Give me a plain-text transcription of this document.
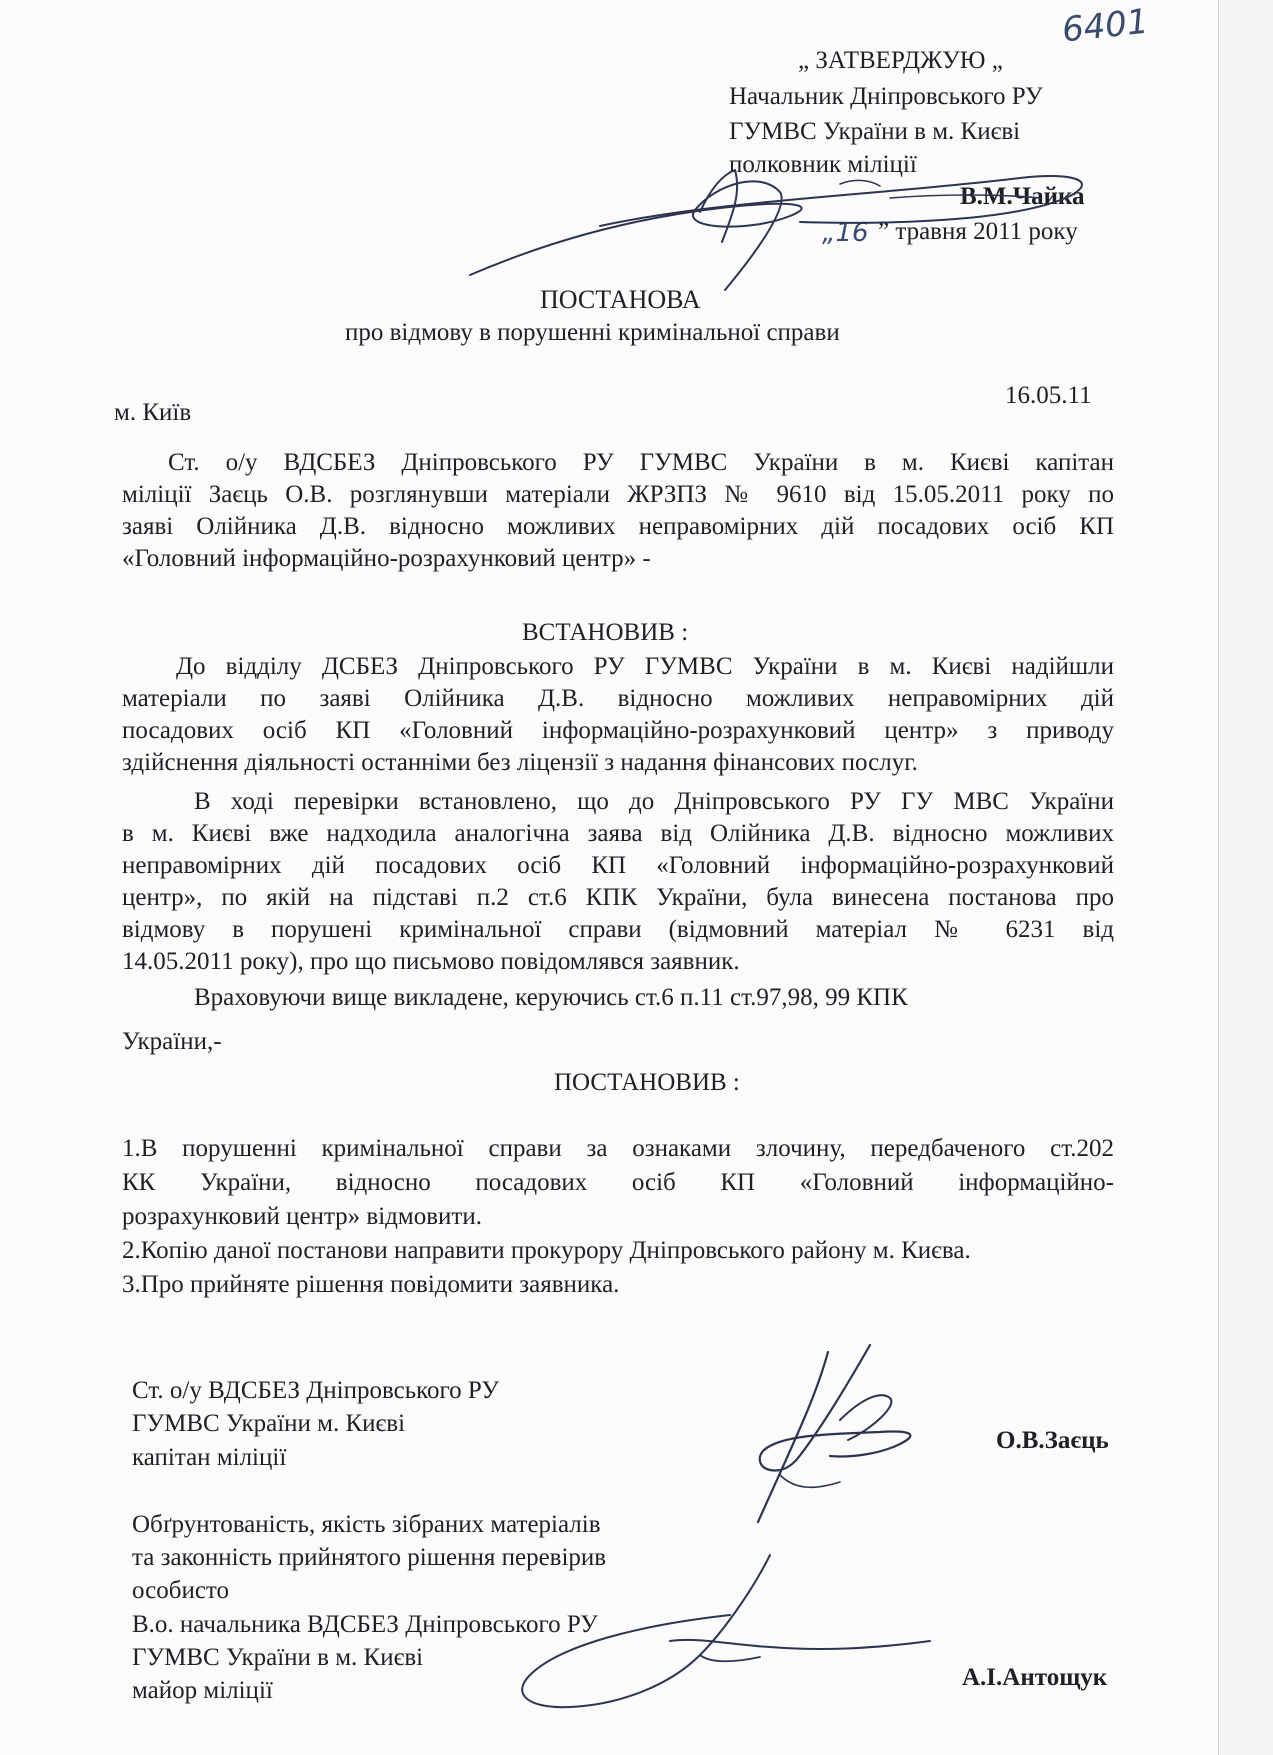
6401
„ ЗАТВЕРДЖУЮ „
Начальник Дніпровського РУ
ГУМВС України в м. Києві
полковник міліції
В.М.Чайка
„16 ” травня 2011 року
ПОСТАНОВА
про відмову в порушенні кримінальної справи
м. Київ
16.05.11
Ст. о/у ВДСБЕЗ Дніпровського РУ ГУМВС України в м. Києві капітан
міліції Заєць О.В. розглянувши матеріали ЖРЗПЗ № 9610 від 15.05.2011 року по
заяві Олійника Д.В. відносно можливих неправомірних дій посадових осіб КП
«Головний інформаційно-розрахунковий центр» -
ВСТАНОВИВ :
До відділу ДСБЕЗ Дніпровського РУ ГУМВС України в м. Києві надійшли
матеріали по заяві Олійника Д.В. відносно можливих неправомірних дій
посадових осіб КП «Головний інформаційно-розрахунковий центр» з приводу
здійснення діяльності останніми без ліцензії з надання фінансових послуг.
В ході перевірки встановлено, що до Дніпровського РУ ГУ МВС України
в м. Києві вже надходила аналогічна заява від Олійника Д.В. відносно можливих
неправомірних дій посадових осіб КП «Головний інформаційно-розрахунковий
центр», по якій на підставі п.2 ст.6 КПК України, була винесена постанова про
відмову в порушені кримінальної справи (відмовний матеріал № 6231 від
14.05.2011 року), про що письмово повідомлявся заявник.
Враховуючи вище викладене, керуючись ст.6 п.11 ст.97,98, 99 КПК
України,-
ПОСТАНОВИВ :
1.В порушенні кримінальної справи за ознаками злочину, передбаченого ст.202
КК України, відносно посадових осіб КП «Головний інформаційно-
розрахунковий центр» відмовити.
2.Копію даної постанови направити прокурору Дніпровського району м. Києва.
3.Про прийняте рішення повідомити заявника.
Ст. о/у ВДСБЕЗ Дніпровського РУ
ГУМВС України м. Києві
капітан міліції
О.В.Заєць
Обґрунтованість, якість зібраних матеріалів
та законність прийнятого рішення перевірив
особисто
В.о. начальника ВДСБЕЗ Дніпровського РУ
ГУМВС України в м. Києві
майор міліції	А.І.Антощук
